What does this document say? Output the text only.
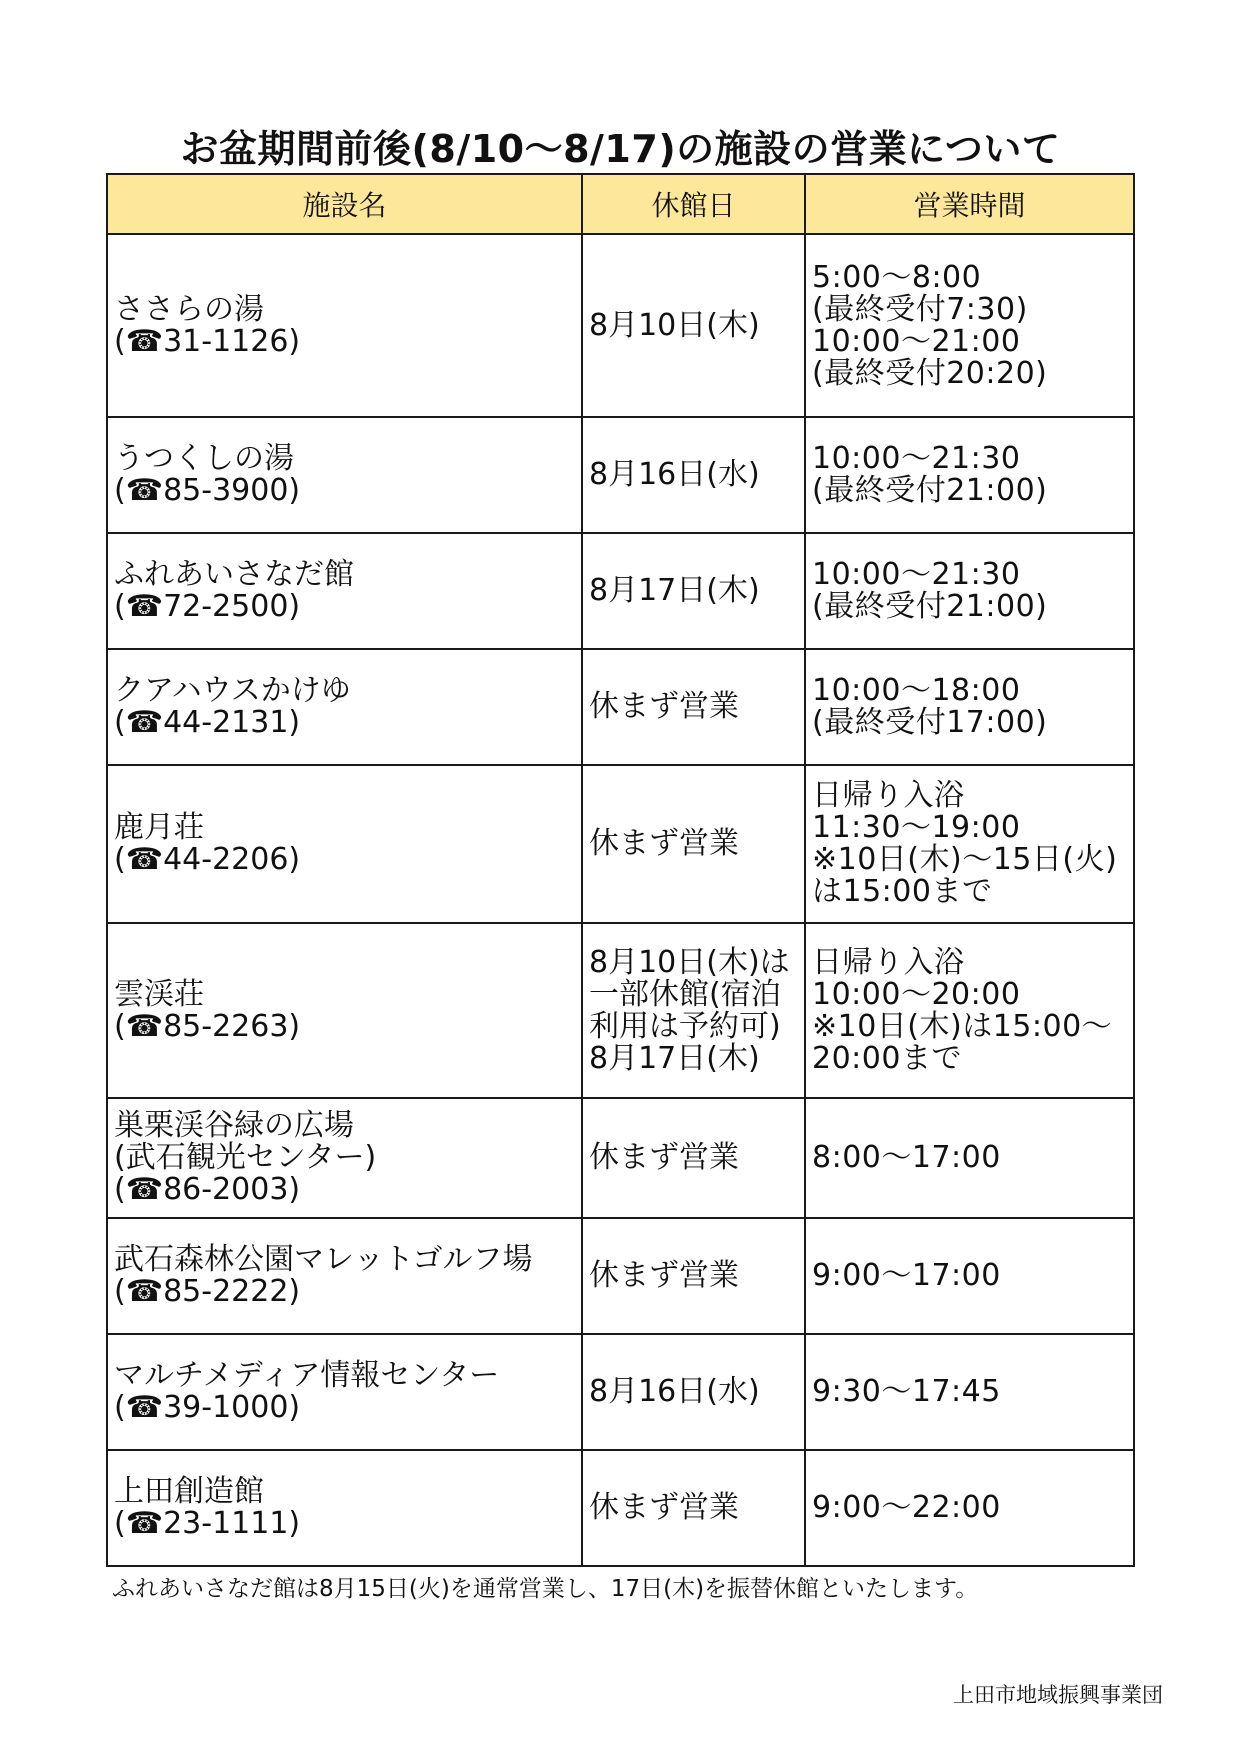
お盆期間前後(8/10～8/17)の施設の営業について
施設名	休館日	営業時間

ささらの湯
(☎31-1126)	8月10日(木)	5:00～8:00
(最終受付7:30)
10:00～21:00
(最終受付20:20)

うつくしの湯
(☎85-3900)	8月16日(水)	10:00～21:30
(最終受付21:00)

ふれあいさなだ館
(☎72-2500)	8月17日(木)	10:00～21:30
(最終受付21:00)

クアハウスかけゆ
(☎44-2131)	休まず営業	10:00～18:00
(最終受付17:00)

鹿月荘
(☎44-2206)	休まず営業	日帰り入浴
11:30～19:00
※10日(木)～15日(火)
は15:00まで

雲渓荘
(☎85-2263)	8月10日(木)は
一部休館(宿泊
利用は予約可)
8月17日(木)	日帰り入浴
10:00～20:00
※10日(木)は15:00～
20:00まで

巣栗渓谷緑の広場
(武石観光センター)
(☎86-2003)	休まず営業	8:00～17:00

武石森林公園マレットゴルフ場
(☎85-2222)	休まず営業	9:00～17:00

マルチメディア情報センター
(☎39-1000)	8月16日(水)	9:30～17:45

上田創造館
(☎23-1111)	休まず営業	9:00～22:00
ふれあいさなだ館は8月15日(火)を通常営業し、17日(木)を振替休館といたします。
上田市地域振興事業団
